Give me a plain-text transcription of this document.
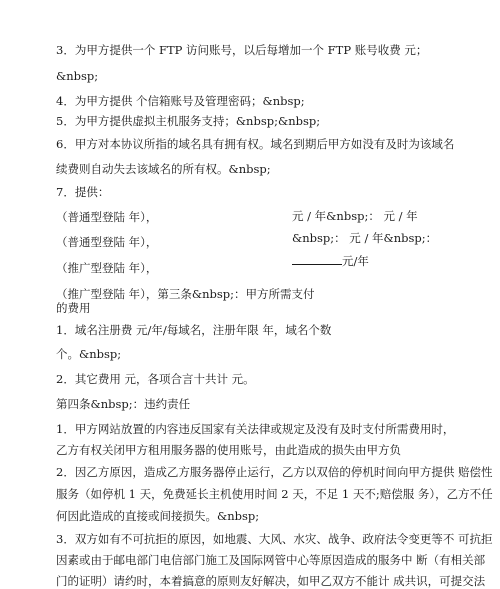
3．为甲方提供一个 FTP 访问账号，以后每增加一个 FTP 账号收费 元；
&nbsp;
4．为甲方提供 个信箱账号及管理密码；&nbsp;
5．为甲方提供虚拟主机服务支持；&nbsp;&nbsp;
6．甲方对本协议所指的域名具有拥有权。域名到期后甲方如没有及时为该域名
续费则自动失去该域名的所有权。&nbsp;
7．提供：
（普通型登陆 年），
（普通型登陆 年），
（推广型登陆 年），
（推广型登陆 年），第三条&nbsp;：甲方所需支付
的费用
元 / 年&nbsp;： 元 / 年
&nbsp;： 元 / 年&nbsp;：
元/年
1．域名注册费 元/年/每域名，注册年限 年，域名个数
个。&nbsp;
2．其它费用 元，各项合言十共计 元。
第四条&nbsp;：违约责任
1．甲方网站放置的内容违反国家有关法律或规定及没有及时支付所需费用时，
乙方有权关闭甲方租用服务器的使用账号，由此造成的损失由甲方负
2．因乙方原因，造成乙方服务器停止运行，乙方以双倍的停机时间向甲方提供 赔偿性
服务（如停机 1 天，免费延长主机使用时间 2 天，不足 1 天不;赔偿服 务），乙方不任
何因此造成的直接或间接损失。&nbsp;
3．双方如有不可抗拒的原因，如地震、大风、水灾、战争、政府法令变更等不 可抗拒
因素或由于邮电部门电信部门施工及国际网管中心等原因造成的服务中 断（有相关部
门的证明）请约时，本着搞意的原则友好解决，如甲乙双方不能计 成共识，可提交法
